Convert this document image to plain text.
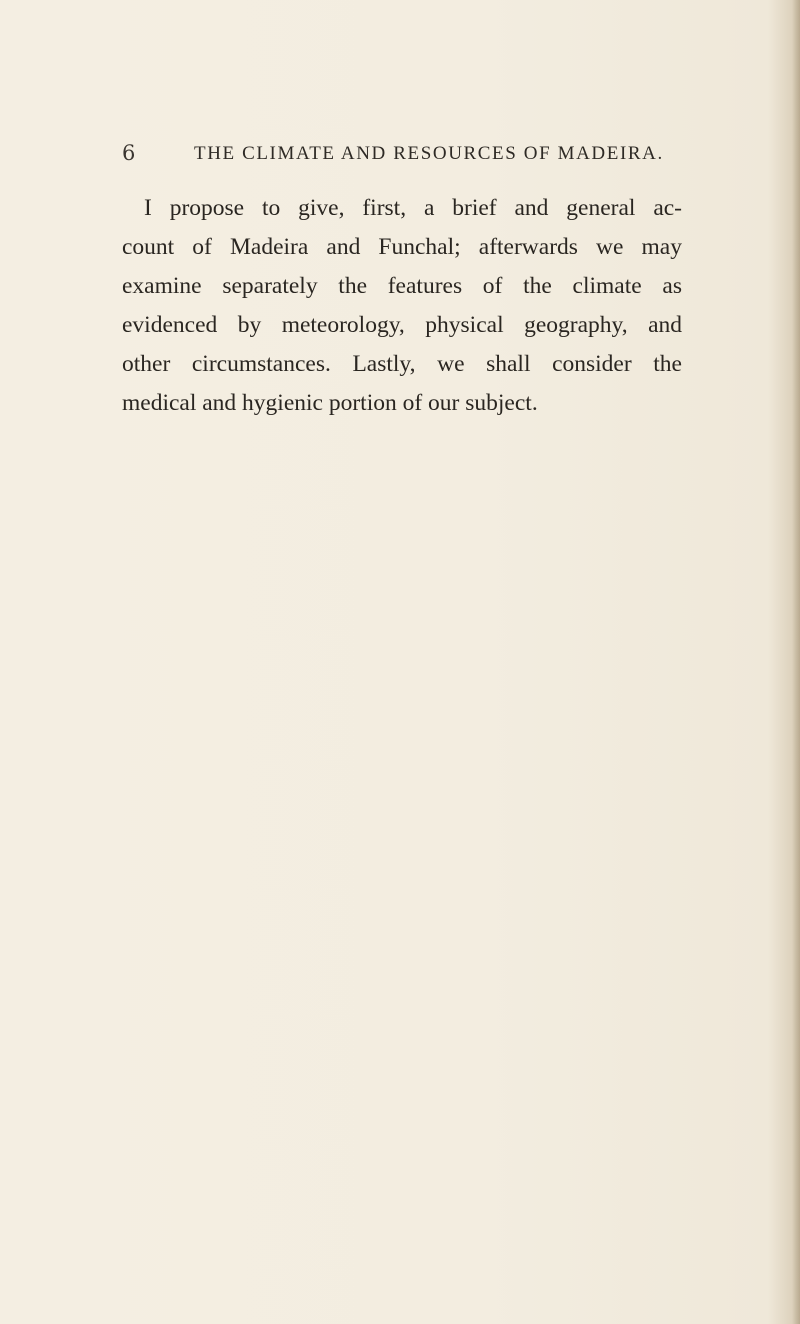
6	THE CLIMATE AND RESOURCES OF MADEIRA.
I propose to give, first, a brief and general ac-
count of Madeira and Funchal; afterwards we may
examine separately the features of the climate as
evidenced by meteorology, physical geography, and
other circumstances. Lastly, we shall consider the
medical and hygienic portion of our subject.
